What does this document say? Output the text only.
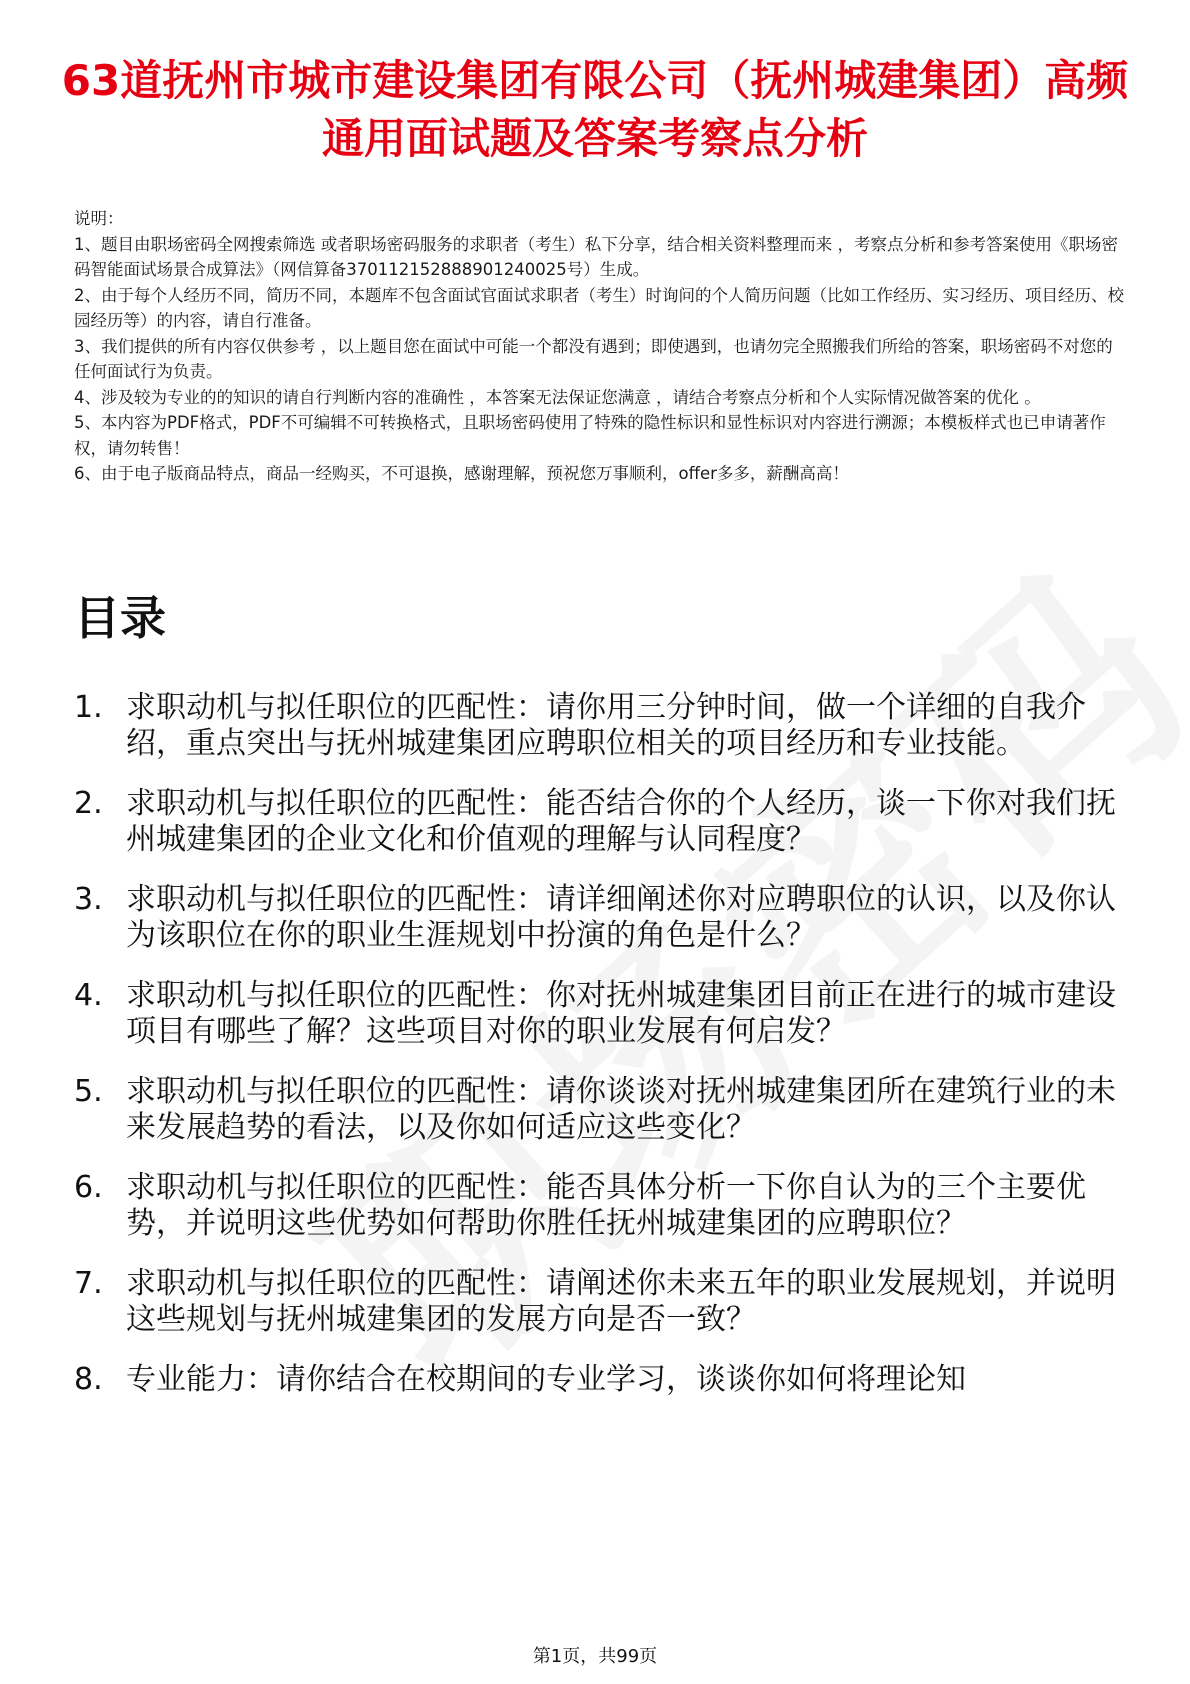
63道抚州市城市建设集团有限公司（抚州城建集团）高频通用面试题及答案考察点分析

说明：

1、题目由职场密码全网搜索筛选 或者职场密码服务的求职者（考生）私下分享，结合相关资料整理而来 ，考察点分析和参考答案使用《职场密码智能面试场景合成算法》（网信算备370112152888901240025号）生成。

2、由于每个人经历不同，简历不同，本题库不包含面试官面试求职者（考生）时询问的个人简历问题（比如工作经历、实习经历、项目经历、校园经历等）的内容，请自行准备。

3、我们提供的所有内容仅供参考 ，以上题目您在面试中可能一个都没有遇到；即使遇到，也请勿完全照搬我们所给的答案，职场密码不对您的任何面试行为负责。

4、涉及较为专业的的知识的请自行判断内容的准确性 ，本答案无法保证您满意 ，请结合考察点分析和个人实际情况做答案的优化 。

5、本内容为PDF格式，PDF不可编辑不可转换格式，且职场密码使用了特殊的隐性标识和显性标识对内容进行溯源；本模板样式也已申请著作权，请勿转售！

6、由于电子版商品特点，商品一经购买，不可退换，感谢理解，预祝您万事顺利，offer多多，薪酬高高！

目录
1. 求职动机与拟任职位的匹配性：请你用三分钟时间，做一个详细的自我介绍，重点突出与抚州城建集团应聘职位相关的项目经历和专业技能。
2. 求职动机与拟任职位的匹配性：能否结合你的个人经历，谈一下你对我们抚州城建集团的企业文化和价值观的理解与认同程度？
3. 求职动机与拟任职位的匹配性：请详细阐述你对应聘职位的认识，以及你认为该职位在你的职业生涯规划中扮演的角色是什么？
4. 求职动机与拟任职位的匹配性：你对抚州城建集团目前正在进行的城市建设项目有哪些了解？这些项目对你的职业发展有何启发？
5. 求职动机与拟任职位的匹配性：请你谈谈对抚州城建集团所在建筑行业的未来发展趋势的看法，以及你如何适应这些变化？
6. 求职动机与拟任职位的匹配性：能否具体分析一下你自认为的三个主要优势，并说明这些优势如何帮助你胜任抚州城建集团的应聘职位？
7. 求职动机与拟任职位的匹配性：请阐述你未来五年的职业发展规划，并说明这些规划与抚州城建集团的发展方向是否一致？
8. 专业能力：请你结合在校期间的专业学习，谈谈你如何将理论知
第1页，共99页
